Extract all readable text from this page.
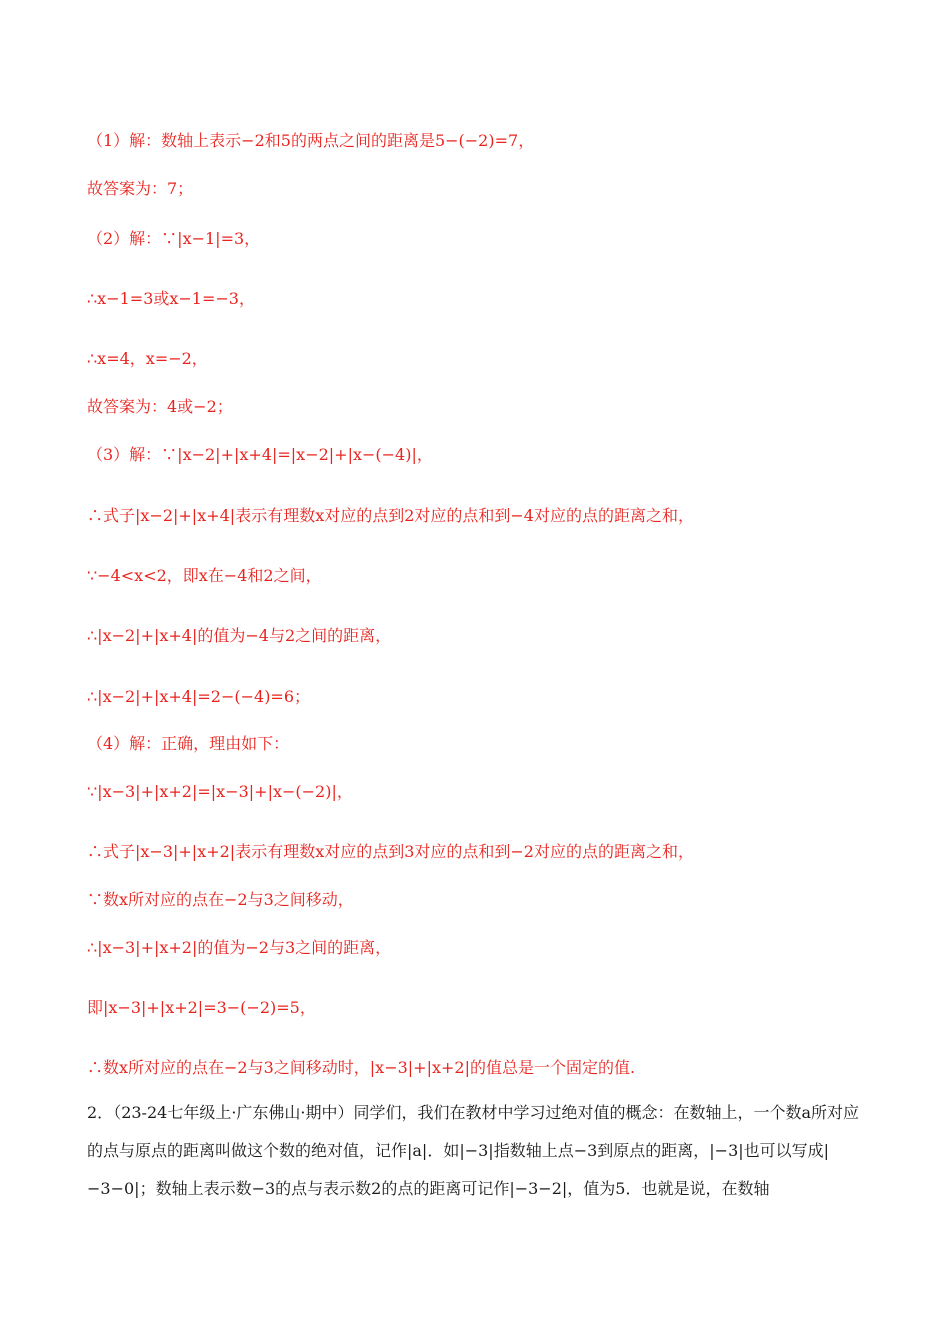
（1）解：数轴上表示−2和5的两点之间的距离是5−(−2)=7，
故答案为：7；
（2）解：∵|x−1|=3，
∴x−1=3或x−1=−3，
∴x=4，x=−2，
故答案为：4或−2；
（3）解：∵|x−2|+|x+4|=|x−2|+|x−(−4)|，
∴式子|x−2|+|x+4|表示有理数x对应的点到2对应的点和到−4对应的点的距离之和，
∵−4<x<2，即x在−4和2之间，
∴|x−2|+|x+4|的值为−4与2之间的距离，
∴|x−2|+|x+4|=2−(−4)=6；
（4）解：正确，理由如下：
∵|x−3|+|x+2|=|x−3|+|x−(−2)|，
∴式子|x−3|+|x+2|表示有理数x对应的点到3对应的点和到−2对应的点的距离之和，
∵数x所对应的点在−2与3之间移动，
∴|x−3|+|x+2|的值为−2与3之间的距离，
即|x−3|+|x+2|=3−(−2)=5，
∴数x所对应的点在−2与3之间移动时，|x−3|+|x+2|的值总是一个固定的值.
2．（23-24七年级上·广东佛山·期中）同学们，我们在教材中学习过绝对值的概念：在数轴上，一个数a所对应的点与原点的距离叫做这个数的绝对值，记作|a|．如|−3|指数轴上点−3到原点的距离，|−3|也可以写成|−3−0|；数轴上表示数−3的点与表示数2的点的距离可记作|−3−2|，值为5．也就是说，在数轴
